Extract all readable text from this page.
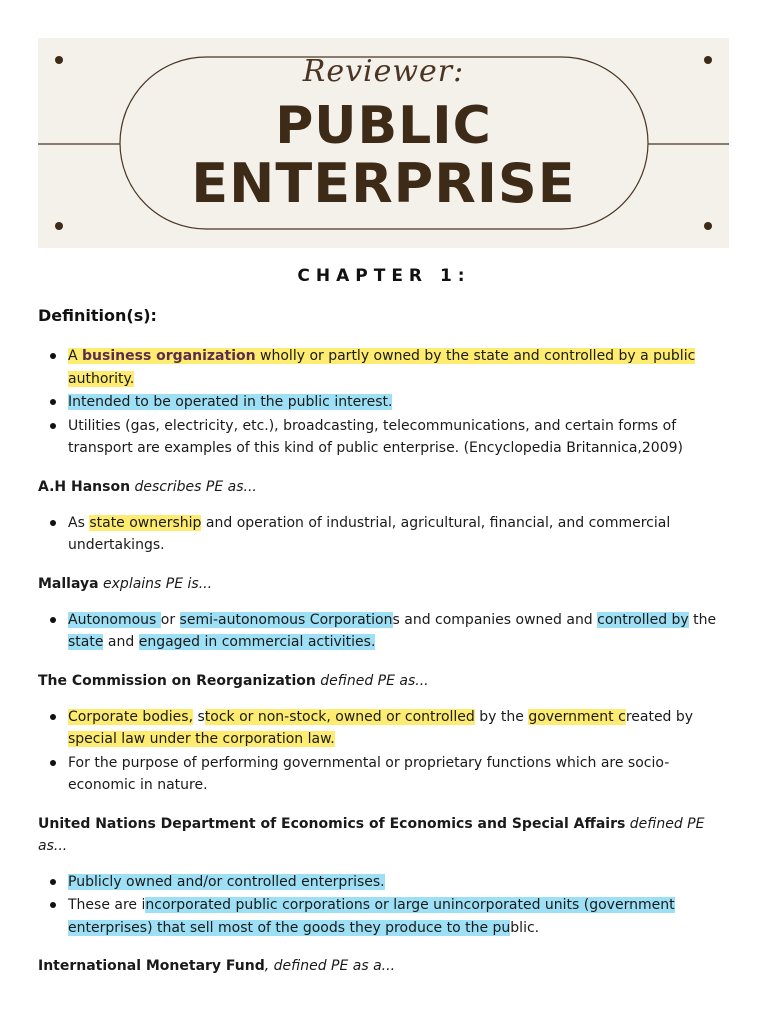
Reviewer:
PUBLIC
ENTERPRISE
CHAPTER 1:
Definition(s):
A business organization wholly or partly owned by the state and controlled by a public authority.
Intended to be operated in the public interest.
Utilities (gas, electricity, etc.), broadcasting, telecommunications, and certain forms of transport are examples of this kind of public enterprise. (Encyclopedia Britannica,2009)

A.H Hanson describes PE as...

As state ownership and operation of industrial, agricultural, financial, and commercial undertakings.

Mallaya explains PE is...

Autonomous or semi-autonomous Corporations and companies owned and controlled by the state and engaged in commercial activities.

The Commission on Reorganization defined PE as...

Corporate bodies, stock or non-stock, owned or controlled by the government created by special law under the corporation law.
For the purpose of performing governmental or proprietary functions which are socio-economic in nature.

United Nations Department of Economics of Economics and Special Affairs defined PE as...

Publicly owned and/or controlled enterprises.
These are incorporated public corporations or large unincorporated units (government enterprises) that sell most of the goods they produce to the public.

International Monetary Fund, defined PE as a...
